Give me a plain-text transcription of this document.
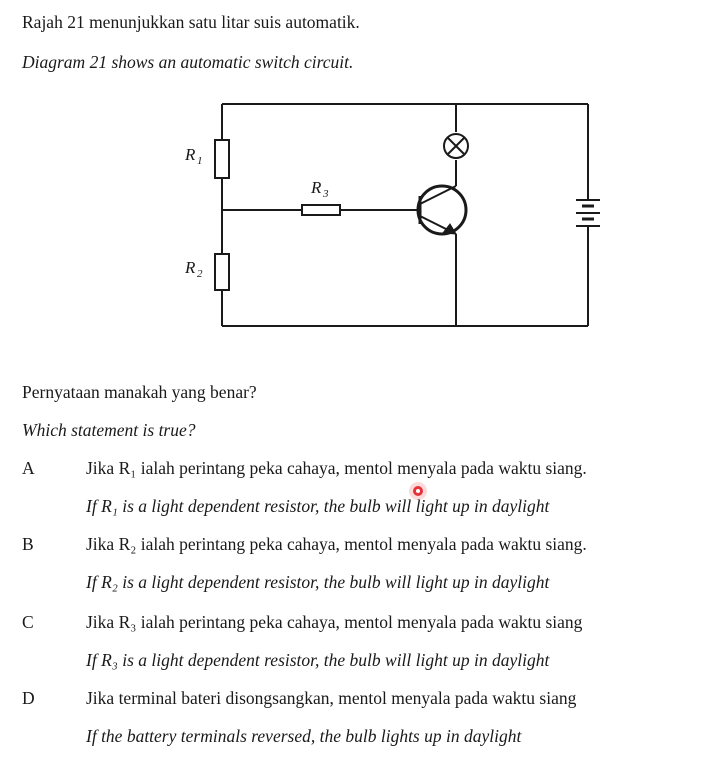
Rajah 21 menunjukkan satu litar suis automatik.
Diagram 21 shows an automatic switch circuit.
R 1
R 2
R 3
Pernyataan manakah yang benar?
Which statement is true?
A	Jika R₁ ialah perintang peka cahaya, mentol menyala pada waktu siang.
If R₁ is a light dependent resistor, the bulb will light up in daylight
B	Jika R₂ ialah perintang peka cahaya, mentol menyala pada waktu siang.
If R₂ is a light dependent resistor, the bulb will light up in daylight
C	Jika R₃ ialah perintang peka cahaya, mentol menyala pada waktu siang
If R₃ is a light dependent resistor, the bulb will light up in daylight
D	Jika terminal bateri disongsangkan, mentol menyala pada waktu siang
If the battery terminals reversed, the bulb lights up in daylight
